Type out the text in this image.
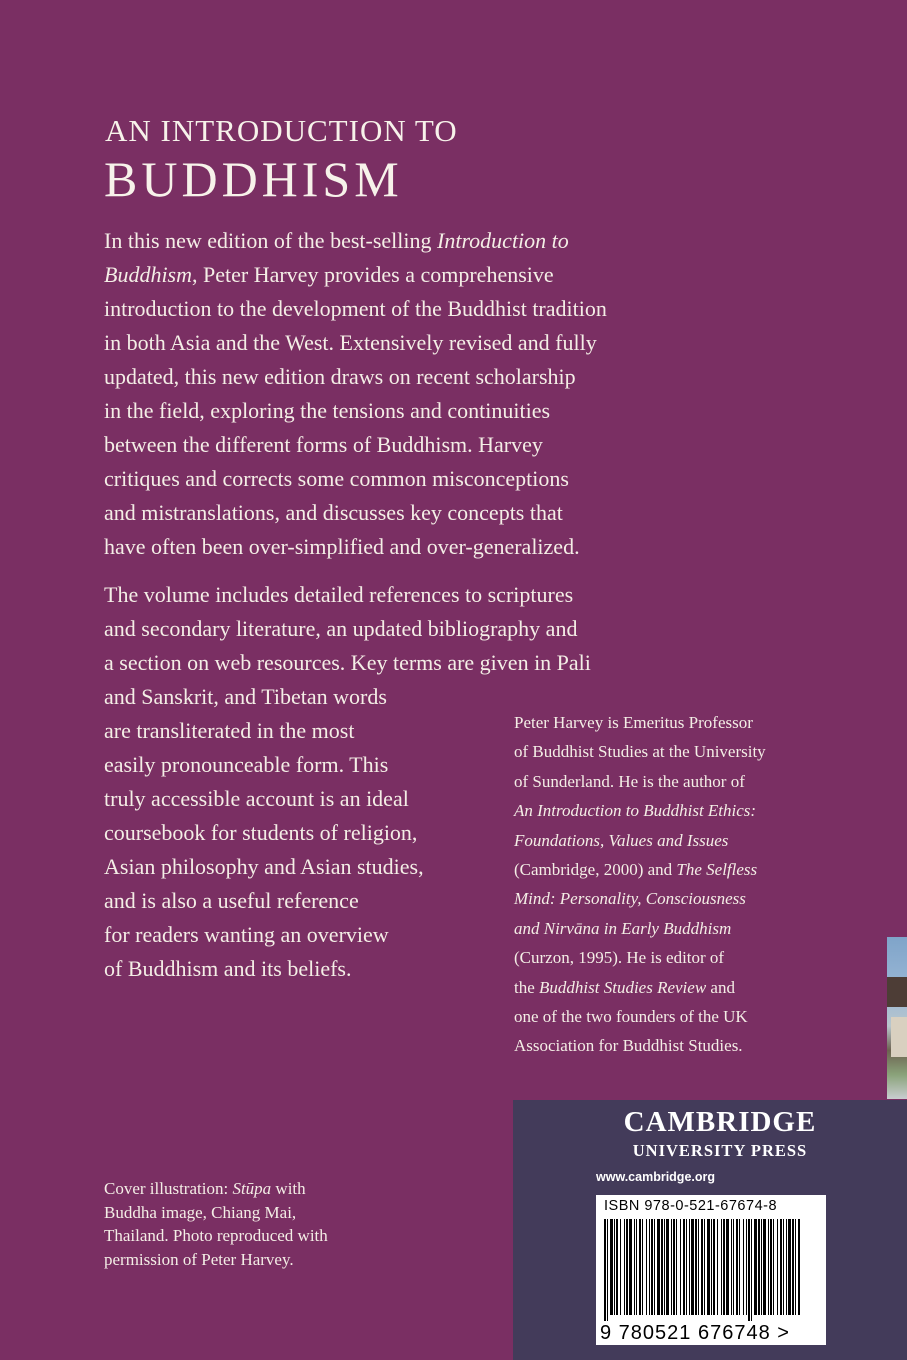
AN INTRODUCTION TO
BUDDHISM
In this new edition of the best-selling Introduction to
Buddhism, Peter Harvey provides a comprehensive
introduction to the development of the Buddhist tradition
in both Asia and the West. Extensively revised and fully
updated, this new edition draws on recent scholarship
in the field, exploring the tensions and continuities
between the different forms of Buddhism. Harvey
critiques and corrects some common misconceptions
and mistranslations, and discusses key concepts that
have often been over-simplified and over-generalized.
The volume includes detailed references to scriptures
and secondary literature, an updated bibliography and
a section on web resources. Key terms are given in Pali
and Sanskrit, and Tibetan words
are transliterated in the most
easily pronounceable form. This
truly accessible account is an ideal
coursebook for students of religion,
Asian philosophy and Asian studies,
and is also a useful reference
for readers wanting an overview
of Buddhism and its beliefs.
Peter Harvey is Emeritus Professor
of Buddhist Studies at the University
of Sunderland. He is the author of
An Introduction to Buddhist Ethics:
Foundations, Values and Issues
(Cambridge, 2000) and The Selfless
Mind: Personality, Consciousness
and Nirvāna in Early Buddhism
(Curzon, 1995). He is editor of
the Buddhist Studies Review and
one of the two founders of the UK
Association for Buddhist Studies.
Cover illustration: Stūpa with
Buddha image, Chiang Mai,
Thailand. Photo reproduced with
permission of Peter Harvey.
CAMBRIDGE
UNIVERSITY PRESS
www.cambridge.org
ISBN 978-0-521-67674-8
9 780521 676748 >
